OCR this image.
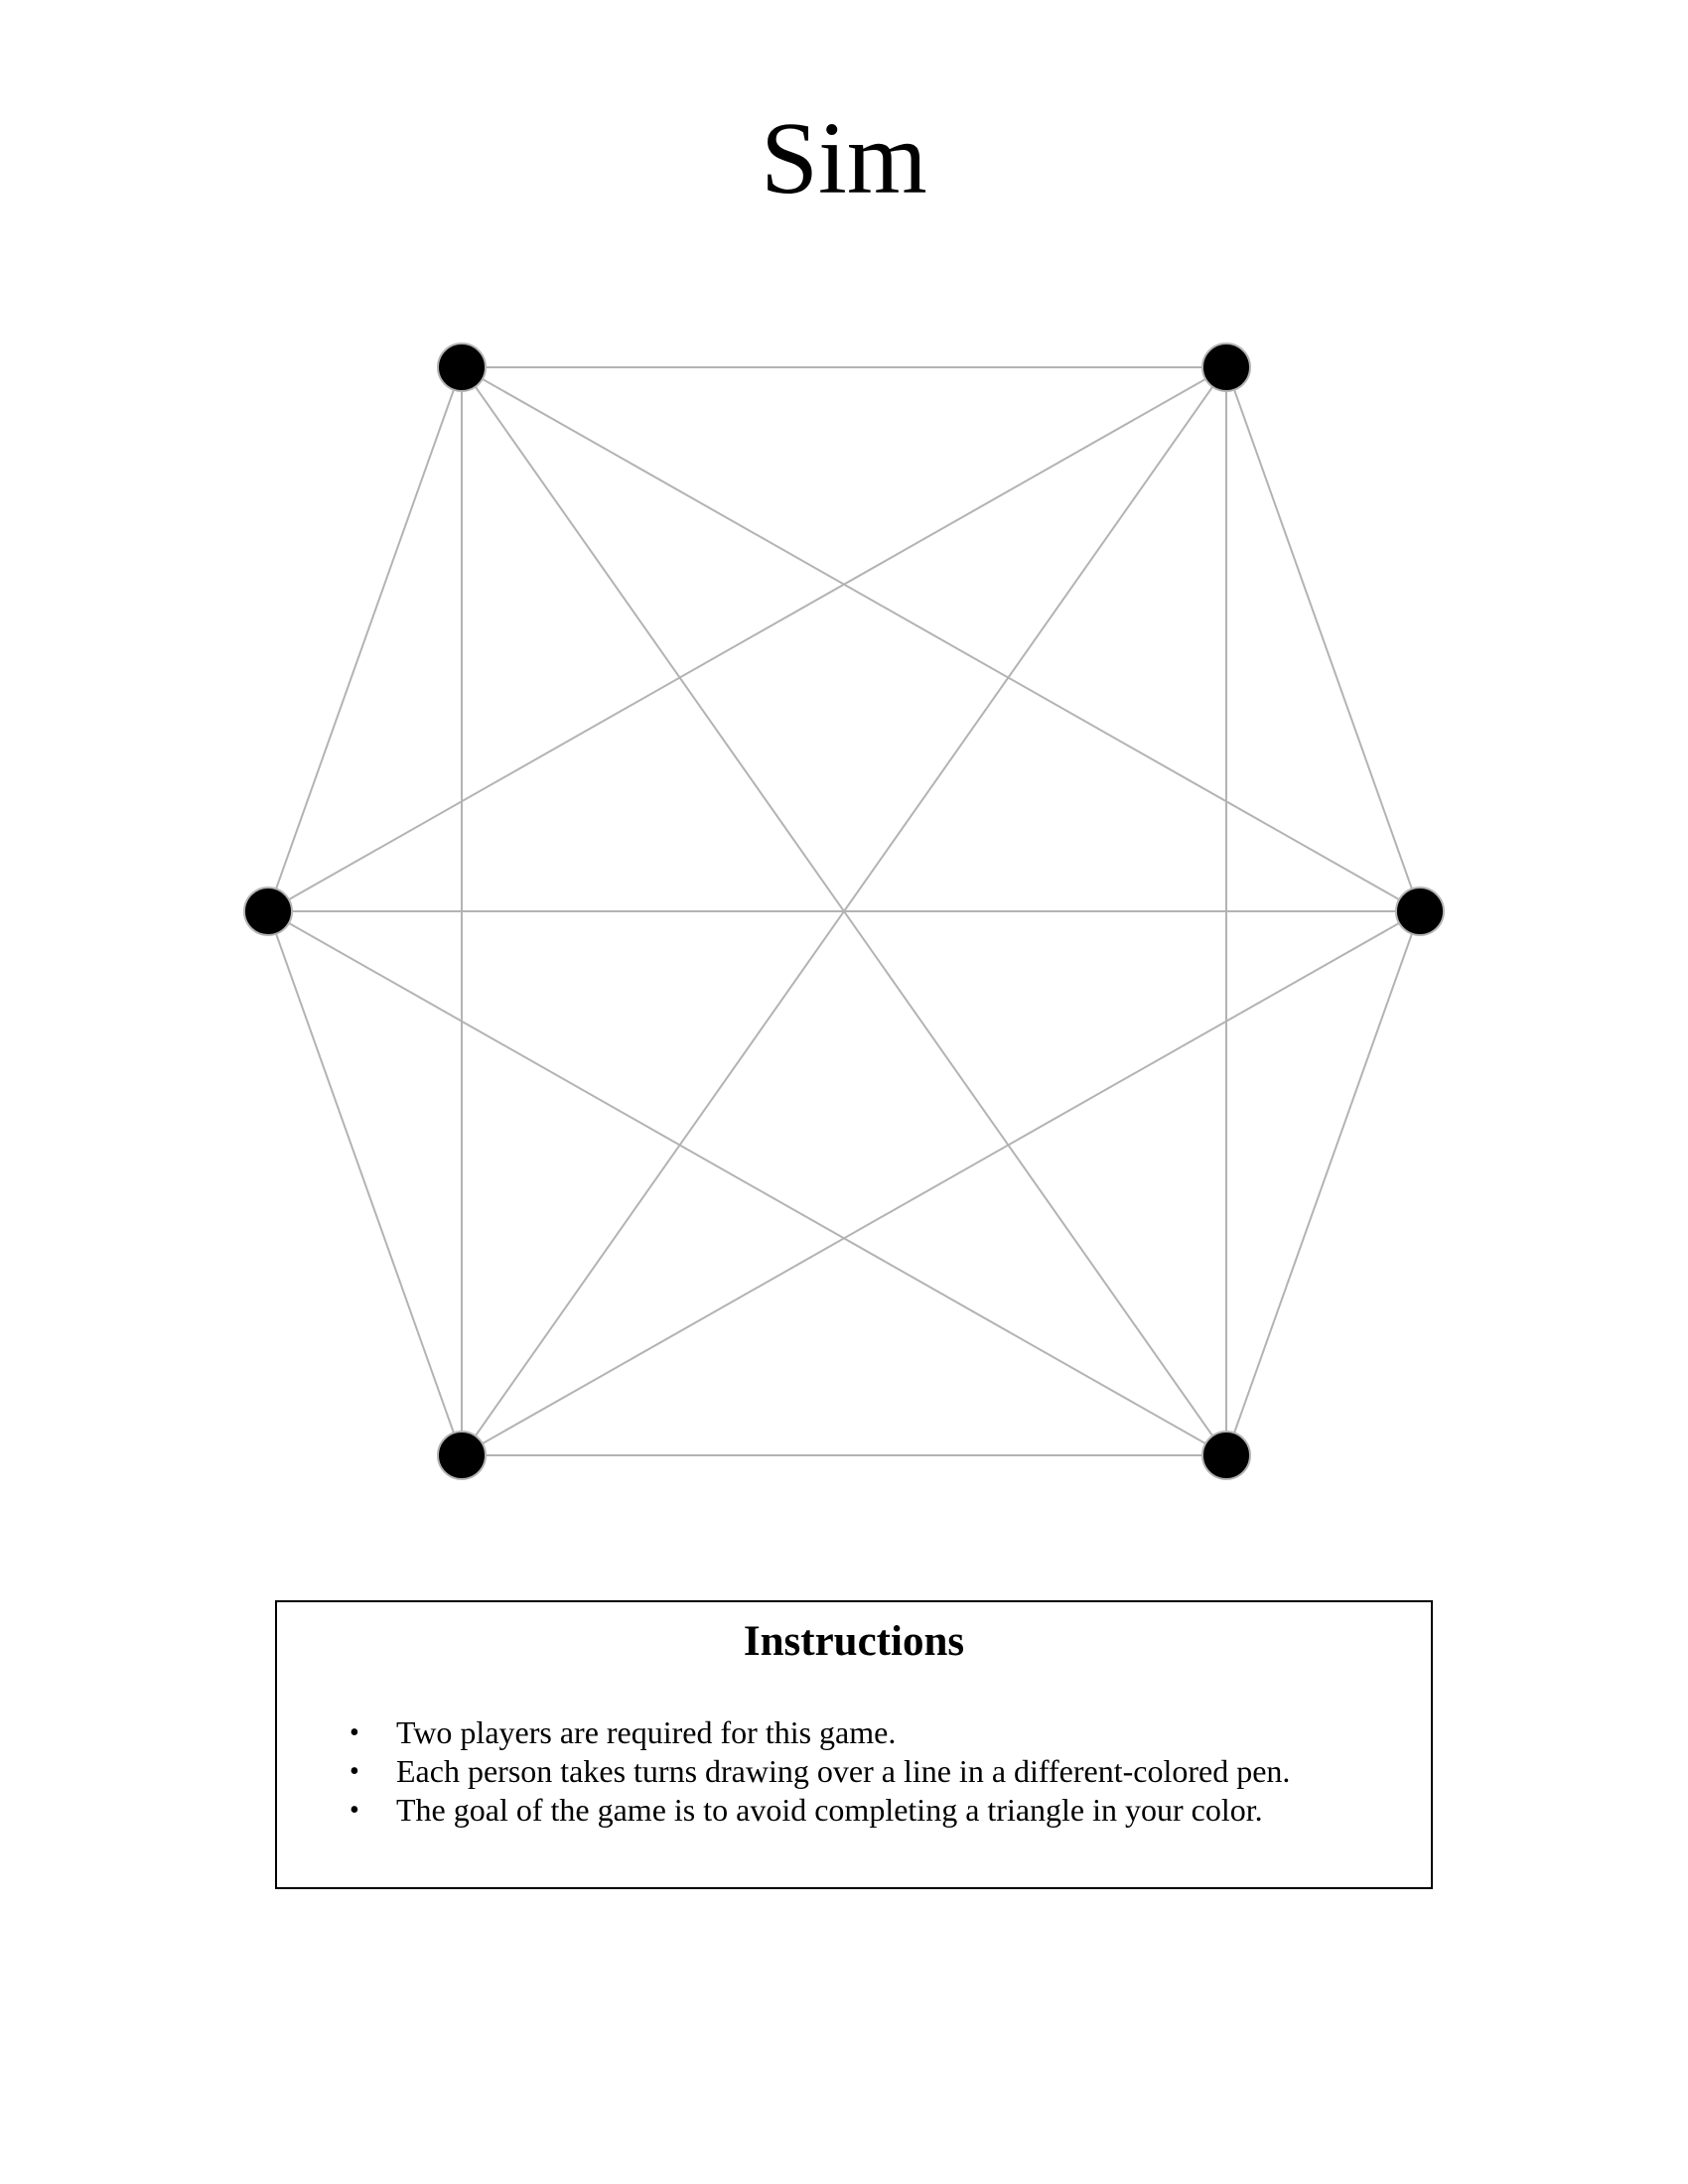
Sim
Instructions
• Two players are required for this game.
• Each person takes turns drawing over a line in a different-colored pen.
• The goal of the game is to avoid completing a triangle in your color.
